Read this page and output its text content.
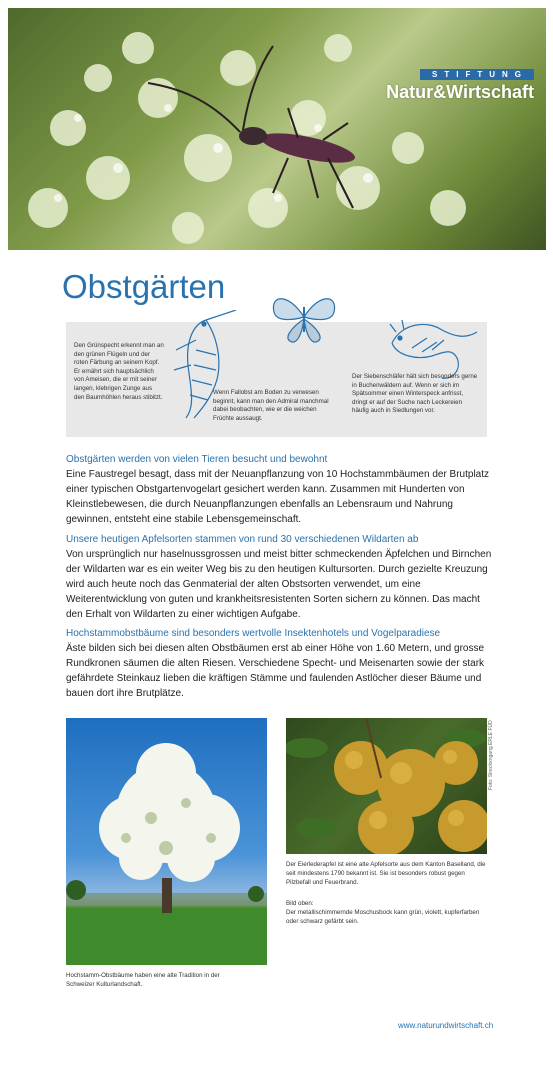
STIFTUNG
Natur&Wirtschaft
Obstgärten

Den Grünspecht erkennt man an den grünen Flügeln und der roten Färbung an seinem Kopf. Er ernährt sich hauptsächlich von Ameisen, die er mit seiner langen, klebrigen Zunge aus den Baumhöhlen heraus stibitzt.

Wenn Fallobst am Boden zu verwesen beginnt, kann man den Admiral manchmal dabei beobachten, wie er die weichen Früchte aussaugt.

Der Siebenschläfer hält sich besonders gerne in Buchenwäldern auf. Wenn er sich im Spätsommer einen Winterspeck anfrisst, dringt er auf der Suche nach Leckereien häufig auch in Siedlungen vor.

Obstgärten werden von vielen Tieren besucht und bewohnt

Eine Faustregel besagt, dass mit der Neuanpflanzung von 10 Hochstammbäumen der Brutplatz einer typischen Obstgartenvogelart gesichert werden kann. Zusammen mit Hunderten von Kleinstlebewesen, die durch Neuanpflanzungen ebenfalls an Lebensraum und Nahrung gewinnen, entsteht eine stabile Lebensgemeinschaft.

Unsere heutigen Apfelsorten stammen von rund 30 verschiedenen Wildarten ab

Von ursprünglich nur haselnussgrossen und meist bitter schmeckenden Äpfelchen und Birnchen der Wildarten war es ein weiter Weg bis zu den heutigen Kultursorten. Durch gezielte Kreuzung wird auch heute noch das Genmaterial der alten Obstsorten verwendet, um eine Weiterentwicklung von guten und krankheitsresistenten Sorten sichern zu können. Das macht den Erhalt von Wildarten zu einer wichtigen Aufgabe.

Hochstammobstbäume sind besonders wertvolle Insektenhotels und Vogelparadiese

Äste bilden sich bei diesen alten Obstbäumen erst ab einer Höhe von 1.60 Metern, und grosse Rundkronen säumen die alten Riesen. Verschiedene Specht- und Meisenarten sowie der stark gefährdete Steinkauz lieben die kräftigen Stämme und faulenden Astlöcher dieser Bäume und bauen dort ihre Brutplätze.

Hochstamm-Obstbäume haben eine alte Tradition in der Schweizer Kulturlandschaft.

Foto: Streckengang ERLE FÜD

Der Eierlederapfel ist eine alte Apfelsorte aus dem Kanton Baselland, die seit mindestens 1790 bekannt ist. Sie ist besonders robust gegen Pilzbefall und Feuerbrand.

Bild oben:

Der metallischimmernde Moschusbock kann grün, violett, kupferfarben oder schwarz gefärbt sein.

www.naturundwirtschaft.ch
